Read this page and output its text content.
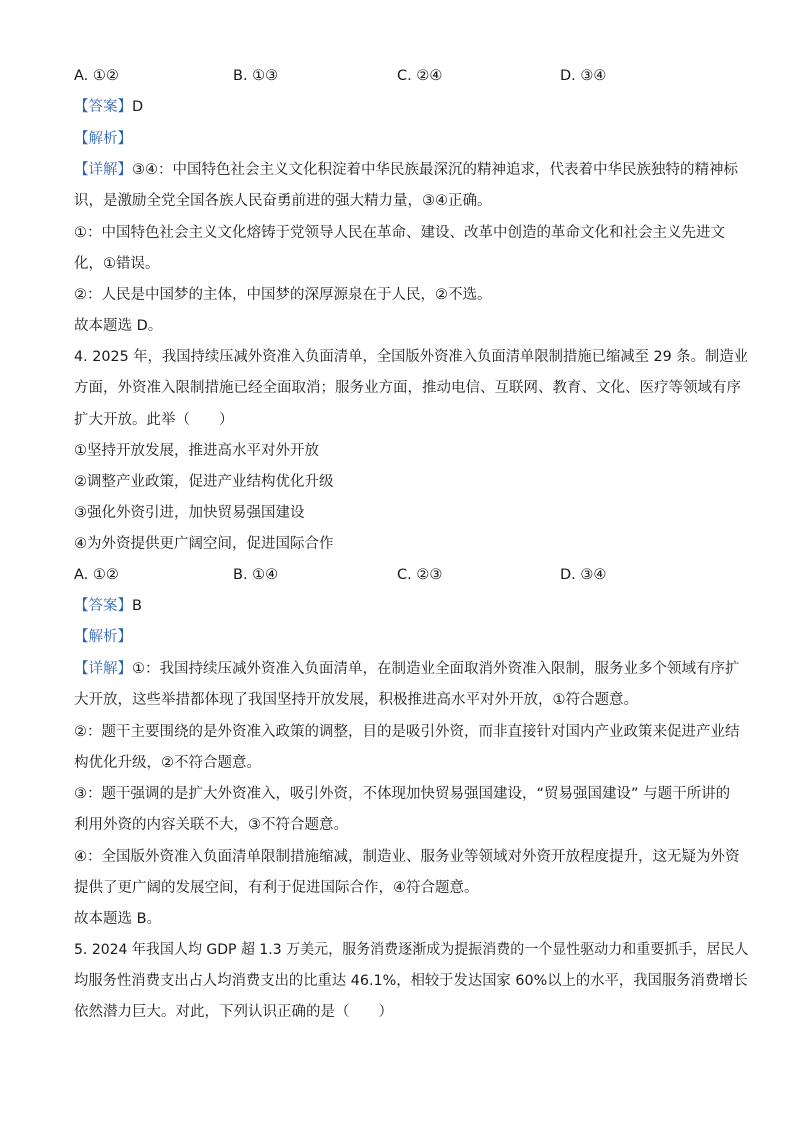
A. ①②	B. ①③	C. ②④	D. ③④
【答案】D
【解析】
【详解】③④：中国特色社会主义文化积淀着中华民族最深沉的精神追求，代表着中华民族独特的精神标
识，是激励全党全国各族人民奋勇前进的强大精力量，③④正确。
①：中国特色社会主义文化熔铸于党领导人民在革命、建设、改革中创造的革命文化和社会主义先进文
化，①错误。
②：人民是中国梦的主体，中国梦的深厚源泉在于人民，②不选。
故本题选 D。
4. 2025 年，我国持续压减外资准入负面清单，全国版外资准入负面清单限制措施已缩减至 29 条。制造业
方面，外资准入限制措施已经全面取消；服务业方面，推动电信、互联网、教育、文化、医疗等领域有序
扩大开放。此举（　　）
①坚持开放发展，推进高水平对外开放
②调整产业政策，促进产业结构优化升级
③强化外资引进，加快贸易强国建设
④为外资提供更广阔空间，促进国际合作
A. ①②	B. ①④	C. ②③	D. ③④
【答案】B
【解析】
【详解】①：我国持续压减外资准入负面清单，在制造业全面取消外资准入限制，服务业多个领域有序扩
大开放，这些举措都体现了我国坚持开放发展，积极推进高水平对外开放，①符合题意。
②：题干主要围绕的是外资准入政策的调整，目的是吸引外资，而非直接针对国内产业政策来促进产业结
构优化升级，②不符合题意。
③：题干强调的是扩大外资准入，吸引外资，不体现加快贸易强国建设，“贸易强国建设” 与题干所讲的
利用外资的内容关联不大，③不符合题意。
④：全国版外资准入负面清单限制措施缩减，制造业、服务业等领域对外资开放程度提升，这无疑为外资
提供了更广阔的发展空间，有利于促进国际合作，④符合题意。
故本题选 B。
5. 2024 年我国人均 GDP 超 1.3 万美元，服务消费逐渐成为提振消费的一个显性驱动力和重要抓手，居民人
均服务性消费支出占人均消费支出的比重达 46.1%，相较于发达国家 60%以上的水平，我国服务消费增长
依然潜力巨大。对此，下列认识正确的是（　　）
